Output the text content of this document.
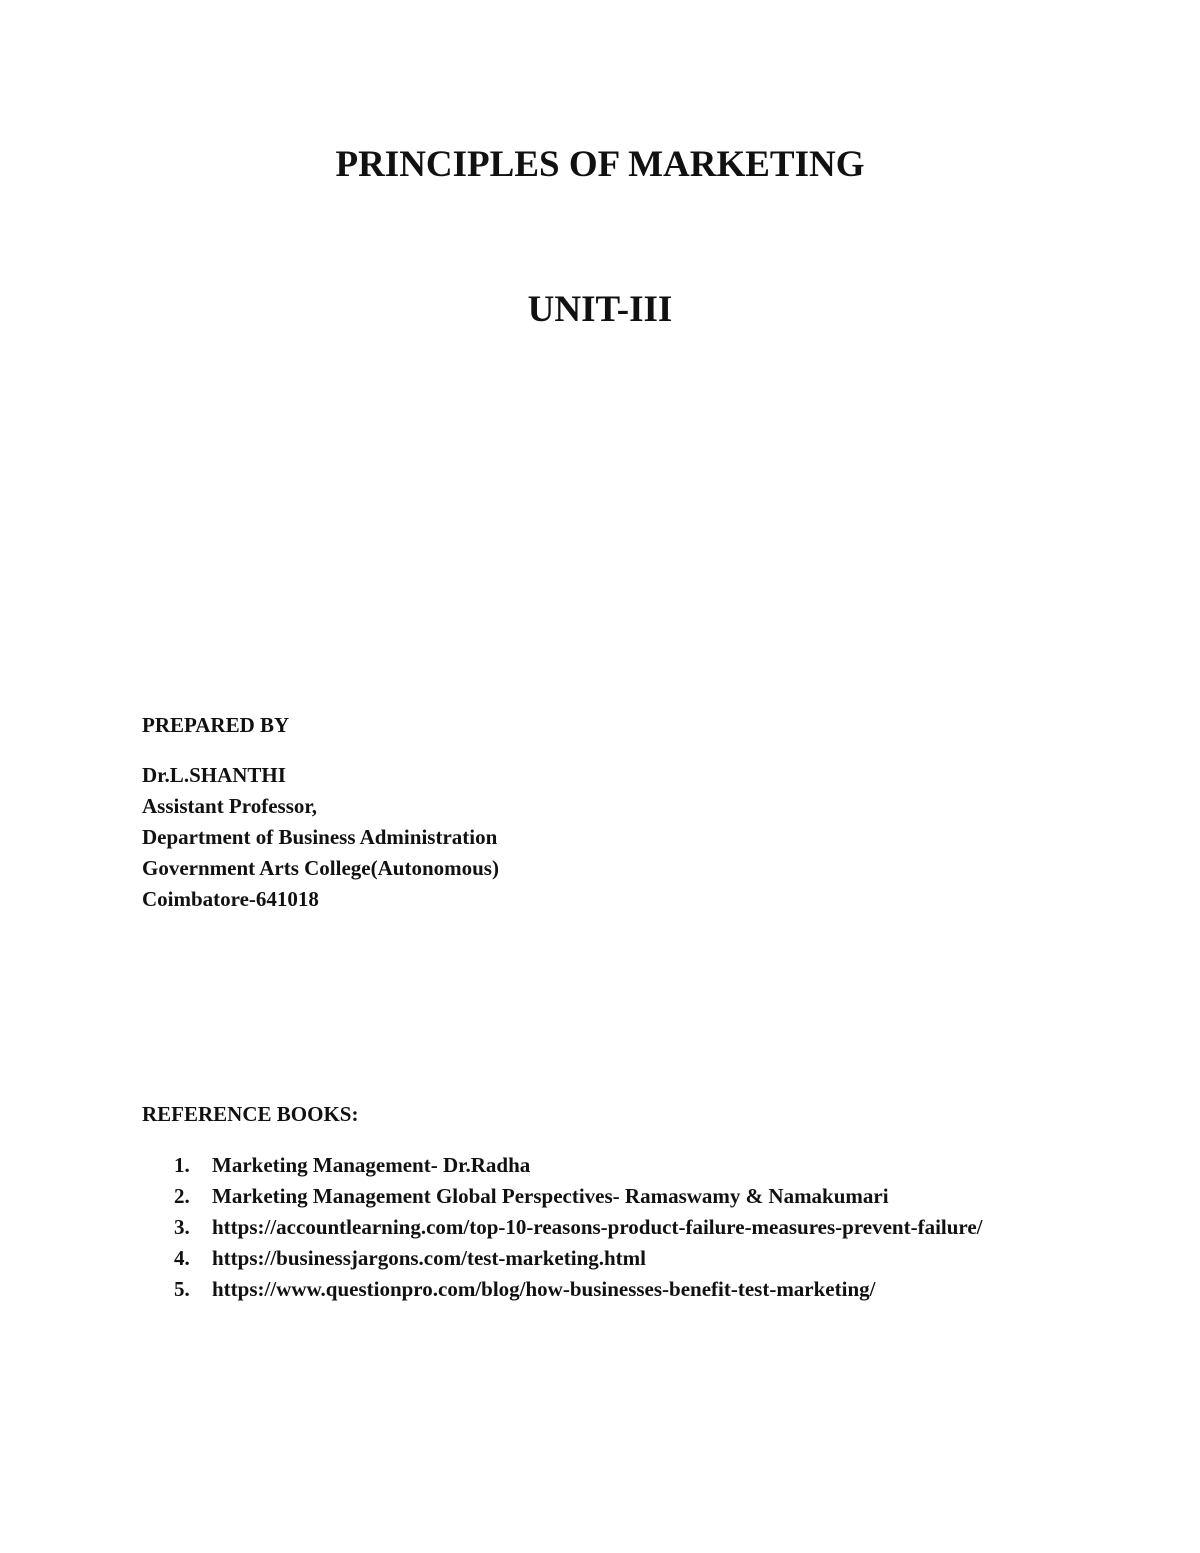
PRINCIPLES OF MARKETING
UNIT-III
PREPARED BY
Dr.L.SHANTHI
Assistant Professor,
Department of Business Administration
Government Arts College(Autonomous)
Coimbatore-641018
REFERENCE BOOKS:
1. Marketing Management- Dr.Radha
2. Marketing Management Global Perspectives- Ramaswamy & Namakumari
3. https://accountlearning.com/top-10-reasons-product-failure-measures-prevent-failure/
4. https://businessjargons.com/test-marketing.html
5. https://www.questionpro.com/blog/how-businesses-benefit-test-marketing/
